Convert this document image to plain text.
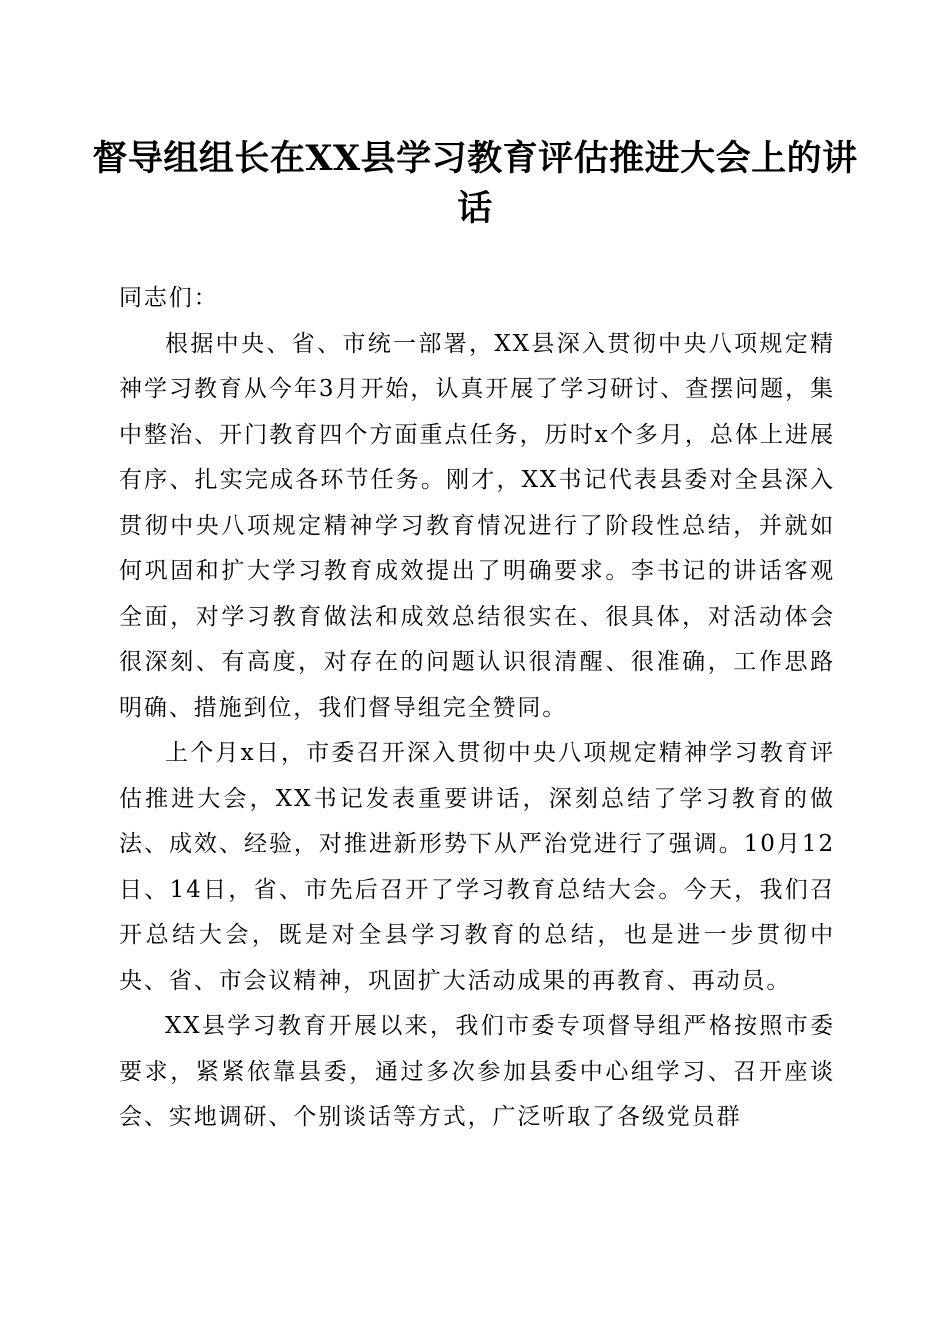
督导组组长在XX县学习教育评估推进大会上的讲话

同志们：

根据中央、省、市统一部署，XX县深入贯彻中央八项规定精神学习教育从今年3月开始，认真开展了学习研讨、查摆问题，集中整治、开门教育四个方面重点任务，历时x个多月，总体上进展有序、扎实完成各环节任务。刚才，XX书记代表县委对全县深入贯彻中央八项规定精神学习教育情况进行了阶段性总结，并就如何巩固和扩大学习教育成效提出了明确要求。李书记的讲话客观全面，对学习教育做法和成效总结很实在、很具体，对活动体会很深刻、有高度，对存在的问题认识很清醒、很准确，工作思路明确、措施到位，我们督导组完全赞同。

上个月x日，市委召开深入贯彻中央八项规定精神学习教育评估推进大会，XX书记发表重要讲话，深刻总结了学习教育的做法、成效、经验，对推进新形势下从严治党进行了强调。10月12日、14日，省、市先后召开了学习教育总结大会。今天，我们召开总结大会，既是对全县学习教育的总结，也是进一步贯彻中央、省、市会议精神，巩固扩大活动成果的再教育、再动员。

XX县学习教育开展以来，我们市委专项督导组严格按照市委要求，紧紧依靠县委，通过多次参加县委中心组学习、召开座谈会、实地调研、个别谈话等方式，广泛听取了各级党员群
